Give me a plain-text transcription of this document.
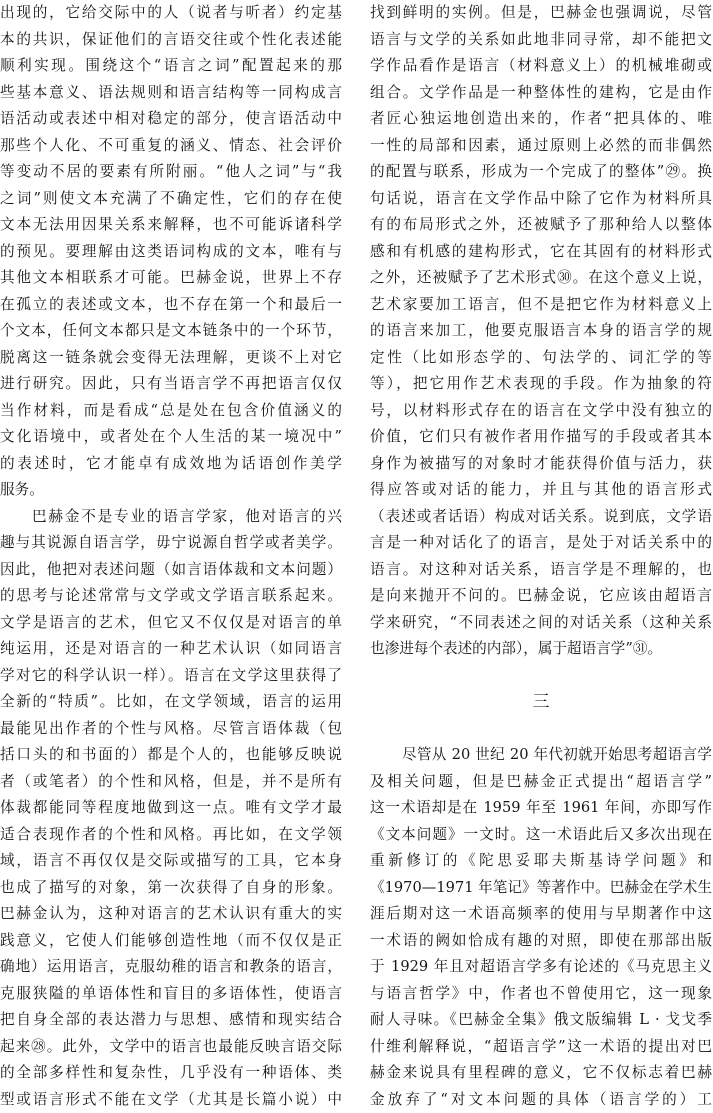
出现的，它给交际中的人（说者与听者）约定基
本的共识，保证他们的言语交往或个性化表述能
顺利实现。围绕这个“语言之词”配置起来的那
些基本意义、语法规则和语言结构等一同构成言
语活动或表述中相对稳定的部分，使言语活动中
那些个人化、不可重复的涵义、情态、社会评价
等变动不居的要素有所附丽。“他人之词”与“我
之词”则使文本充满了不确定性，它们的存在使
文本无法用因果关系来解释，也不可能诉诸科学
的预见。要理解由这类语词构成的文本，唯有与
其他文本相联系才可能。巴赫金说，世界上不存
在孤立的表述或文本，也不存在第一个和最后一
个文本，任何文本都只是文本链条中的一个环节，
脱离这一链条就会变得无法理解，更谈不上对它
进行研究。因此，只有当语言学不再把语言仅仅
当作材料，而是看成“总是处在包含价值涵义的
文化语境中，或者处在个人生活的某一境况中”
的表述时，它才能卓有成效地为话语创作美学
服务。
巴赫金不是专业的语言学家，他对语言的兴
趣与其说源自语言学，毋宁说源自哲学或者美学。
因此，他把对表述问题（如言语体裁和文本问题）
的思考与论述常常与文学或文学语言联系起来。
文学是语言的艺术，但它又不仅仅是对语言的单
纯运用，还是对语言的一种艺术认识（如同语言
学对它的科学认识一样）。语言在文学这里获得了
全新的“特质”。比如，在文学领域，语言的运用
最能见出作者的个性与风格。尽管言语体裁（包
括口头的和书面的）都是个人的，也能够反映说
者（或笔者）的个性和风格，但是，并不是所有
体裁都能同等程度地做到这一点。唯有文学才最
适合表现作者的个性和风格。再比如，在文学领
域，语言不再仅仅是交际或描写的工具，它本身
也成了描写的对象，第一次获得了自身的形象。
巴赫金认为，这种对语言的艺术认识有重大的实
践意义，它使人们能够创造性地（而不仅仅是正
确地）运用语言，克服幼稚的语言和教条的语言，
克服狭隘的单语体性和盲目的多语体性，使语言
把自身全部的表达潜力与思想、感情和现实结合
起来㉘。此外，文学中的语言也最能反映言语交际
的全部多样性和复杂性，几乎没有一种语体、类
型或语言形式不能在文学（尤其是长篇小说）中
找到鲜明的实例。但是，巴赫金也强调说，尽管
语言与文学的关系如此地非同寻常，却不能把文
学作品看作是语言（材料意义上）的机械堆砌或
组合。文学作品是一种整体性的建构，它是由作
者匠心独运地创造出来的，作者“把具体的、唯
一性的局部和因素，通过原则上必然的而非偶然
的配置与联系，形成为一个完成了的整体”㉙。换
句话说，语言在文学作品中除了它作为材料所具
有的布局形式之外，还被赋予了那种给人以整体
感和有机感的建构形式，它在其固有的材料形式
之外，还被赋予了艺术形式㉚。在这个意义上说，
艺术家要加工语言，但不是把它作为材料意义上
的语言来加工，他要克服语言本身的语言学的规
定性（比如形态学的、句法学的、词汇学的等
等），把它用作艺术表现的手段。作为抽象的符
号，以材料形式存在的语言在文学中没有独立的
价值，它们只有被作者用作描写的手段或者其本
身作为被描写的对象时才能获得价值与活力，获
得应答或对话的能力，并且与其他的语言形式
（表述或者话语）构成对话关系。说到底，文学语
言是一种对话化了的语言，是处于对话关系中的
语言。对这种对话关系，语言学是不理解的，也
是向来抛开不问的。巴赫金说，它应该由超语言
学来研究，“不同表述之间的对话关系（这种关系
也渗进每个表述的内部），属于超语言学”㉛。
三
尽管从 20 世纪 20 年代初就开始思考超语言学
及相关问题，但是巴赫金正式提出“超语言学”
这一术语却是在 1959 年至 1961 年间，亦即写作
《文本问题》一文时。这一术语此后又多次出现在
重新修订的《陀思妥耶夫斯基诗学问题》和
《1970—1971 年笔记》等著作中。巴赫金在学术生
涯后期对这一术语高频率的使用与早期著作中这
一术语的阙如恰成有趣的对照，即使在那部出版
于 1929 年且对超语言学多有论述的《马克思主义
与语言哲学》中，作者也不曾使用它，这一现象
耐人寻味。《巴赫金全集》俄文版编辑 L · 戈戈季
什维利解释说，“超语言学”这一术语的提出对巴
赫金来说具有里程碑的意义，它不仅标志着巴赫
金放弃了“对文本问题的具体（语言学的）工
